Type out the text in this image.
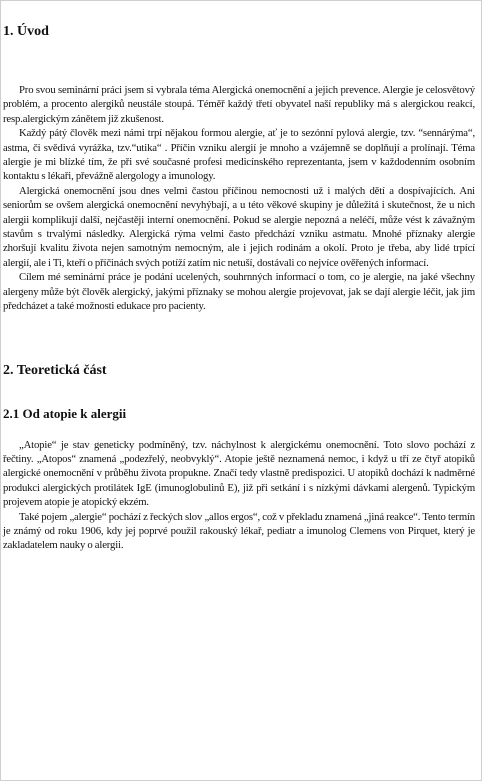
1. Úvod

Pro svou seminární práci jsem si vybrala téma Alergická onemocnění a jejich prevence. Alergie je celosvětový problém, a procento alergiků neustále stoupá. Téměř každý třetí obyvatel naší republiky má s alergickou reakcí, resp.alergickým zánětem již zkušenost.

Každý pátý člověk mezi námi trpí nějakou formou alergie, ať je to sezónní pylová alergie, tzv. “sennárýma“, astma, či svědivá vyrážka, tzv.“utika“ . Příčin vzniku alergií je mnoho a vzájemně se doplňují a prolínají. Téma alergie je mi blízké tím, že při své současné profesi medicínského reprezentanta, jsem v každodenním osobním kontaktu s lékaři, převážně alergology a imunology.

Alergická onemocnění jsou dnes velmi častou příčinou nemocnosti už i malých dětí a dospívajících. Ani seniorům se ovšem alergická onemocnění nevyhýbají, a u této věkové skupiny je důležitá i skutečnost, že u nich alergii komplikují další, nejčastěji interní onemocnění. Pokud se alergie nepozná a neléčí, může vést k závažným stavům s trvalými následky. Alergická rýma velmi často předchází vzniku astmatu. Mnohé příznaky alergie zhoršují kvalitu života nejen samotným nemocným, ale i jejich rodinám a okolí. Proto je třeba, aby lidé trpící alergií, ale i Ti, kteří o příčinách svých potíží zatím nic netuší, dostávali co nejvíce ověřených informací.

Cílem mé seminární práce je podání ucelených, souhrnných informací o tom, co je alergie, na jaké všechny alergeny může být člověk alergický, jakými příznaky se mohou alergie projevovat, jak se dají alergie léčit, jak jim předcházet a také možnosti edukace pro pacienty.

2. Teoretická část
2.1 Od atopie k alergii

„Atopie“ je stav geneticky podmíněný, tzv. náchylnost k alergickému onemocnění. Toto slovo pochází z řečtiny. „Atopos“ znamená „podezřelý, neobvyklý“. Atopie ještě neznamená nemoc, i když u tří ze čtyř atopiků alergické onemocnění v průběhu života propukne. Značí tedy vlastně predispozici. U atopiků dochází k nadměrné produkci alergických protilátek IgE (imunoglobulinů E), již při setkání i s nízkými dávkami alergenů. Typickým projevem atopie je atopický ekzém.

Také pojem „alergie“ pochází z řeckých slov „allos ergos“, což v překladu znamená „jiná reakce“. Tento termín je známý od roku 1906, kdy jej poprvé použil rakouský lékař, pediatr a imunolog Clemens von Pirquet, který je zakladatelem nauky o alergii.
